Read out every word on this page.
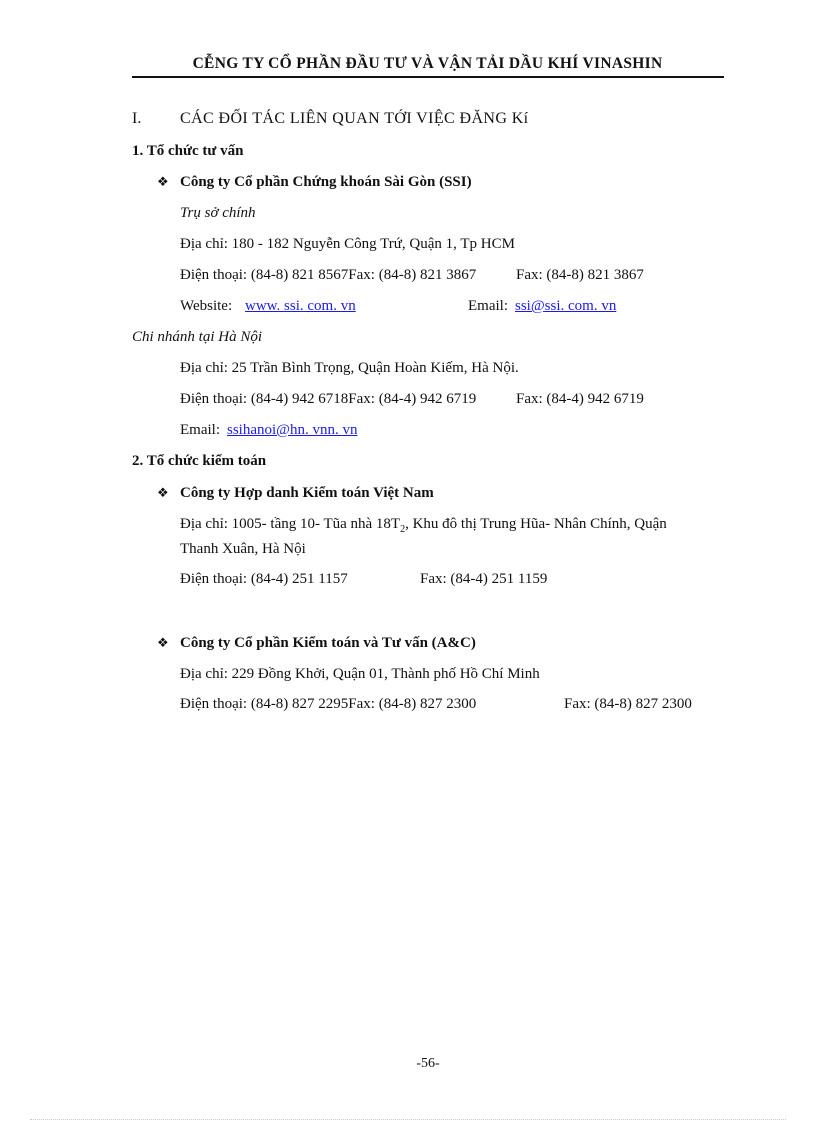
CỄNG TY CỔ PHẦN ĐẦU TƯ VÀ VẬN TẢI DẦU KHÍ VINASHIN
I. CÁC ĐỐI TÁC LIÊN QUAN TỚI VIỆC ĐĂNG Kí
1. Tổ chức tư vấn
❖ Công ty Cổ phần Chứng khoán Sài Gòn (SSI)
Trụ sở chính
Địa chỉ: 180 - 182 Nguyễn Công Trứ, Quận 1, Tp HCM
Điện thoại: (84-8) 821 8567Fax: (84-8) 821 3867	Fax: (84-8) 821 3867
Website: www. ssi. com. vn	Email: ssi@ssi. com. vn
Chi nhánh tại Hà Nội
Địa chỉ: 25 Trần Bình Trọng, Quận Hoàn Kiếm, Hà Nội.
Điện thoại: (84-4) 942 6718Fax: (84-4) 942 6719	Fax: (84-4) 942 6719
Email: ssihanoi@hn. vnn. vn
2. Tổ chức kiểm toán
❖ Công ty Hợp danh Kiểm toán Việt Nam
Địa chỉ: 1005- tầng 10- Tũa nhà $18T_2$, Khu đô thị Trung Hũa- Nhân Chính, Quận
Thanh Xuân, Hà Nội
Điện thoại: (84-4) 251 1157	Fax: (84-4) 251 1159
❖ Công ty Cổ phần Kiểm toán và Tư vấn (A&C)
Địa chỉ: 229 Đồng Khởi, Quận 01, Thành phố Hồ Chí Minh
Điện thoại: (84-8) 827 2295Fax: (84-8) 827 2300	Fax: (84-8) 827 2300
-56-
